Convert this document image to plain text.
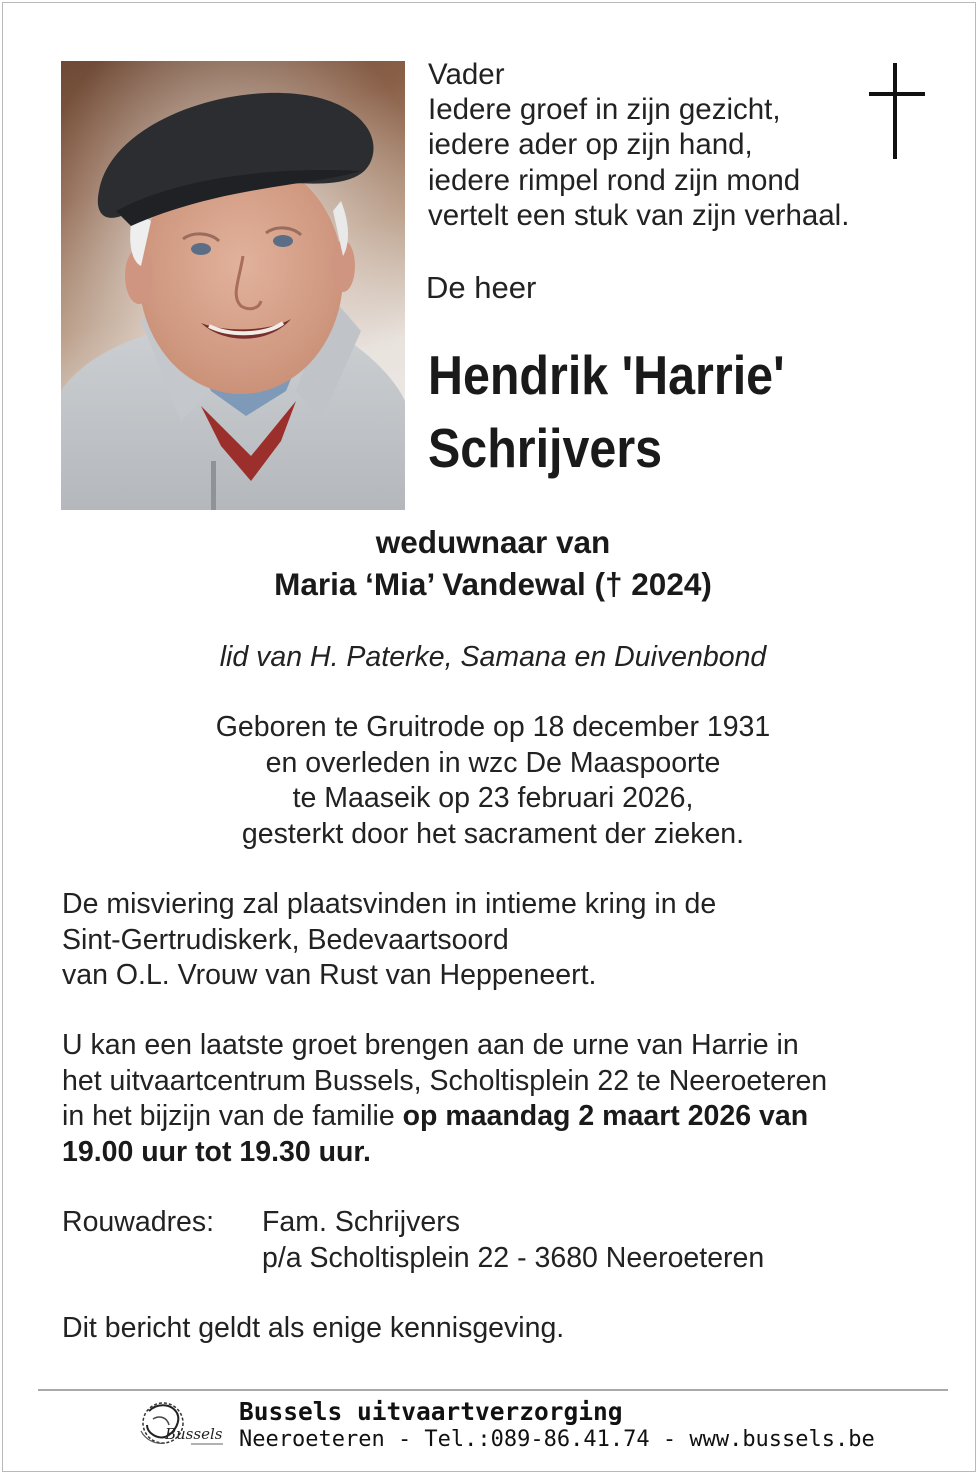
Vader
Iedere groef in zijn gezicht,
iedere ader op zijn hand,
iedere rimpel rond zijn mond
vertelt een stuk van zijn verhaal.
De heer
Hendrik 'Harrie'
Schrijvers
weduwnaar van
Maria ‘Mia’ Vandewal († 2024)
lid van H. Paterke, Samana en Duivenbond
Geboren te Gruitrode op 18 december 1931
en overleden in wzc De Maaspoorte
te Maaseik op 23 februari 2026,
gesterkt door het sacrament der zieken.
De misviering zal plaatsvinden in intieme kring in de
Sint-Gertrudiskerk, Bedevaartsoord
van O.L. Vrouw van Rust van Heppeneert.
U kan een laatste groet brengen aan de urne van Harrie in
het uitvaartcentrum Bussels, Scholtisplein 22 te Neeroeteren
in het bijzijn van de familie op maandag 2 maart 2026 van
19.00 uur tot 19.30 uur.
Rouwadres: Fam. Schrijvers
p/a Scholtisplein 22 - 3680 Neeroeteren
Dit bericht geldt als enige kennisgeving.
Bussels
Bussels uitvaartverzorging
Neeroeteren - Tel.:089-86.41.74 - www.bussels.be
